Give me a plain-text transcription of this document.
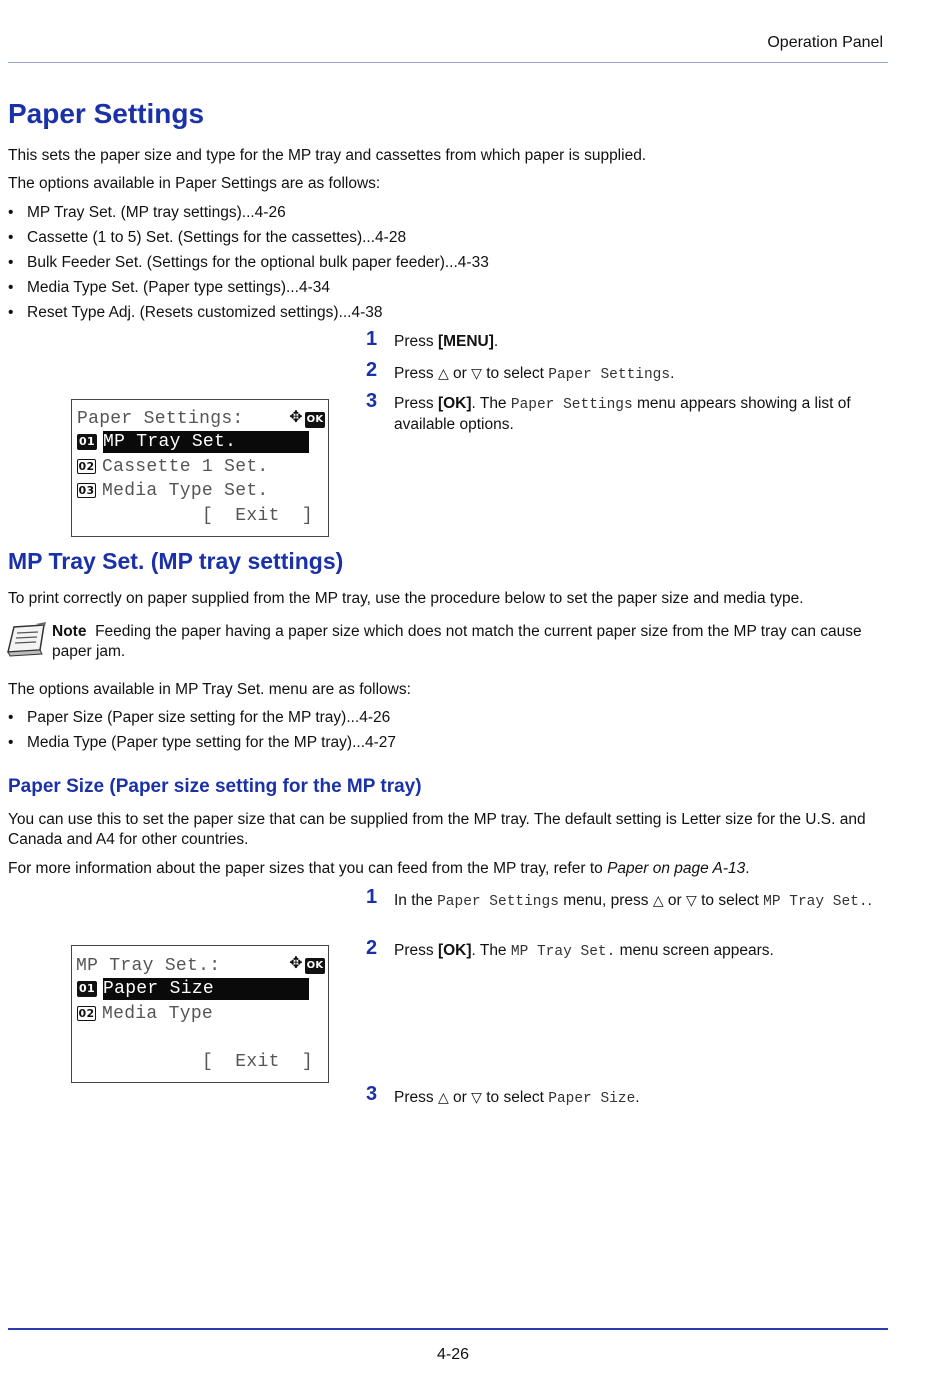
Operation Panel
Paper Settings
This sets the paper size and type for the MP tray and cassettes from which paper is supplied.
The options available in Paper Settings are as follows:
• MP Tray Set. (MP tray settings)...4-26
• Cassette (1 to 5) Set. (Settings for the cassettes)...4-28
• Bulk Feeder Set. (Settings for the optional bulk paper feeder)...4-33
• Media Type Set. (Paper type settings)...4-34
• Reset Type Adj. (Resets customized settings)...4-38
1 Press [MENU].
2 Press △ or ▽ to select Paper Settings.
3 Press [OK]. The Paper Settings menu appears showing a list of available options.
Paper Settings:	✥ OK
01 MP Tray Set.
02 Cassette 1 Set.
03 Media Type Set.
[  Exit  ]
MP Tray Set. (MP tray settings)
To print correctly on paper supplied from the MP tray, use the procedure below to set the paper size and media type.
Note Feeding the paper having a paper size which does not match the current paper size from the MP tray can cause paper jam.
The options available in MP Tray Set. menu are as follows:
• Paper Size (Paper size setting for the MP tray)...4-26
• Media Type (Paper type setting for the MP tray)...4-27
Paper Size (Paper size setting for the MP tray)
You can use this to set the paper size that can be supplied from the MP tray. The default setting is Letter size for the U.S. and Canada and A4 for other countries.
For more information about the paper sizes that you can feed from the MP tray, refer to Paper on page A-13.
1 In the Paper Settings menu, press △ or ▽ to select MP Tray Set..
2 Press [OK]. The MP Tray Set. menu screen appears.
3 Press △ or ▽ to select Paper Size.
MP Tray Set.:	✥ OK
01 Paper Size
02 Media Type
[  Exit  ]
4-26
